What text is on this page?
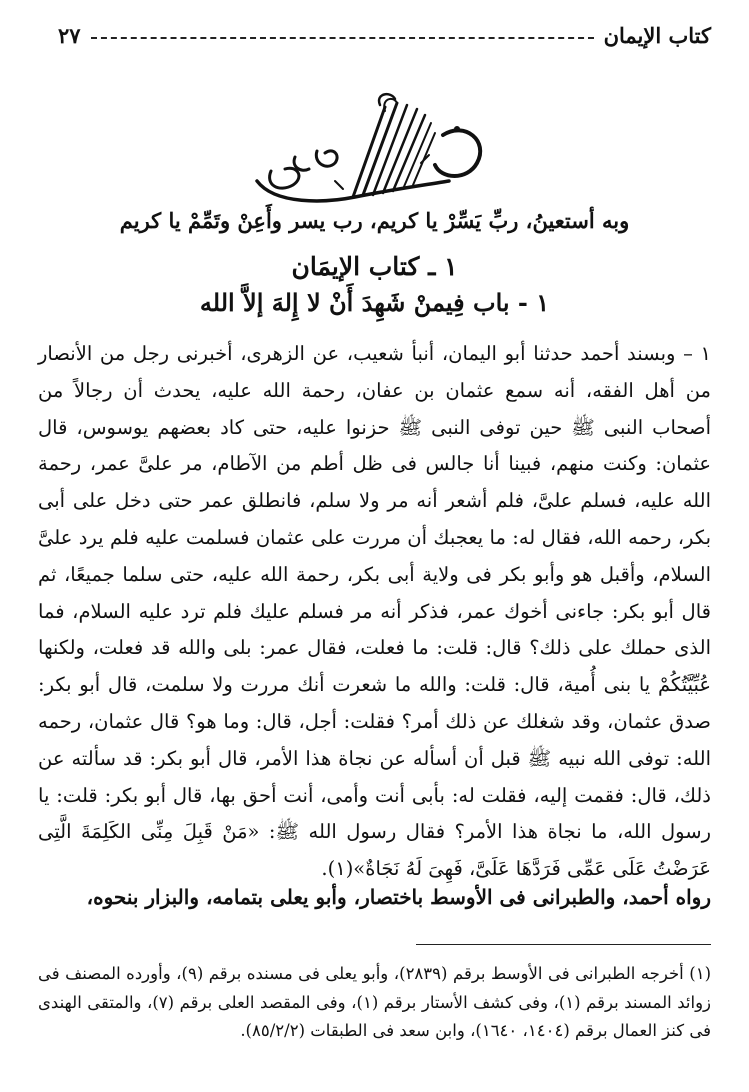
كتاب الإيمان
٢٧
وبه أستعينُ، ربِّ يَسِّرْ يا كريم، رب يسر وأَعِنْ وتَمِّمْ يا كريم
١ ـ كتاب الإيمَان
١ - باب فِيمنْ شَهِدَ أَنْ لا إِلهَ إلاَّ الله

١ – وبسند أحمد حدثنا أبو اليمان، أنبأ شعيب، عن الزهرى، أخبرنى رجل من الأنصار من أهل الفقه، أنه سمع عثمان بن عفان، رحمة الله عليه، يحدث أن رجالاً من أصحاب النبى ﷺ حين توفى النبى ﷺ حزنوا عليه، حتى كاد بعضهم يوسوس، قال عثمان: وكنت منهم، فبينا أنا جالس فى ظل أطم من الآطام، مر علىَّ عمر، رحمة الله عليه، فسلم علىَّ، فلم أشعر أنه مر ولا سلم، فانطلق عمر حتى دخل على أبى بكر، رحمه الله، فقال له: ما يعجبك أن مررت على عثمان فسلمت عليه فلم يرد علىَّ السلام، وأقبل هو وأبو بكر فى ولاية أبى بكر، رحمة الله عليه، حتى سلما جميعًا، ثم قال أبو بكر: جاءنى أخوك عمر، فذكر أنه مر فسلم عليك فلم ترد عليه السلام، فما الذى حملك على ذلك؟ قال: قلت: ما فعلت، فقال عمر: بلى والله قد فعلت، ولكنها عُبِّيَّتُكُمْ يا بنى أُمية، قال: قلت: والله ما شعرت أنك مررت ولا سلمت، قال أبو بكر: صدق عثمان، وقد شغلك عن ذلك أمر؟ فقلت: أجل، قال: وما هو؟ قال عثمان، رحمه الله: توفى الله نبيه ﷺ قبل أن أسأله عن نجاة هذا الأمر، قال أبو بكر: قد سألته عن ذلك، قال: فقمت إليه، فقلت له: بأبى أنت وأمى، أنت أحق بها، قال أبو بكر: قلت: يا رسول الله، ما نجاة هذا الأمر؟ فقال رسول الله ﷺ: «مَنْ قَبِلَ مِنِّى الكَلِمَةَ الَّتِى عَرَضْتُ عَلَى عَمِّى فَرَدَّهَا عَلَىَّ، فَهِىَ لَهُ نَجَاةٌ»(١).

رواه أحمد، والطبرانى فى الأوسط باختصار، وأبو يعلى بتمامه، والبزار بنحوه،
(١) أخرجه الطبرانى فى الأوسط برقم (٢٨٣٩)، وأبو يعلى فى مسنده برقم (٩)، وأورده المصنف فى زوائد المسند برقم (١)، وفى كشف الأستار برقم (١)، وفى المقصد العلى برقم (٧)، والمتقى الهندى فى كنز العمال برقم (١٤٠٤، ١٦٤٠)، وابن سعد فى الطبقات (٨٥/٢/٢).
